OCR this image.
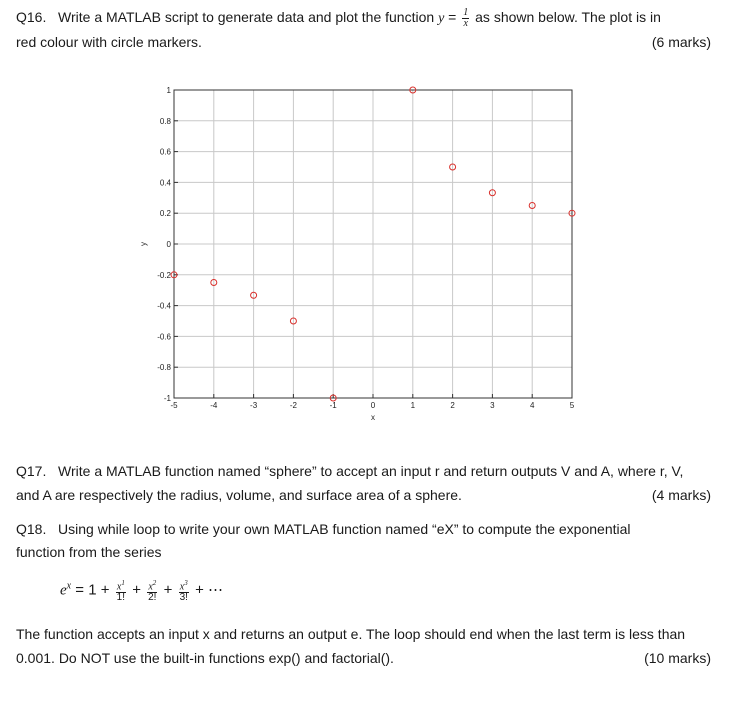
Q16. Write a MATLAB script to generate data and plot the function $y = \frac{1}{x}$ as shown below. The plot is in
red colour with circle markers.	(6 marks)
-5	-4	-3	-2	-1	0	1	2	3	4	5
-1
-0.8
-0.6
-0.4
-0.2
0
0.2
0.4
0.6
0.8
1
x
y
Q17. Write a MATLAB function named “sphere” to accept an input r and return outputs V and A, where r, V,
and A are respectively the radius, volume, and surface area of a sphere.	(4 marks)
Q18. Using while loop to write your own MATLAB function named “eX” to compute the exponential
function from the series
$e^x = 1 + \frac{x^1}{1!} + \frac{x^2}{2!} + \frac{x^3}{3!}$ + ⋯
The function accepts an input x and returns an output e. The loop should end when the last term is less than
0.001. Do NOT use the built-in functions exp() and factorial().	(10 marks)
